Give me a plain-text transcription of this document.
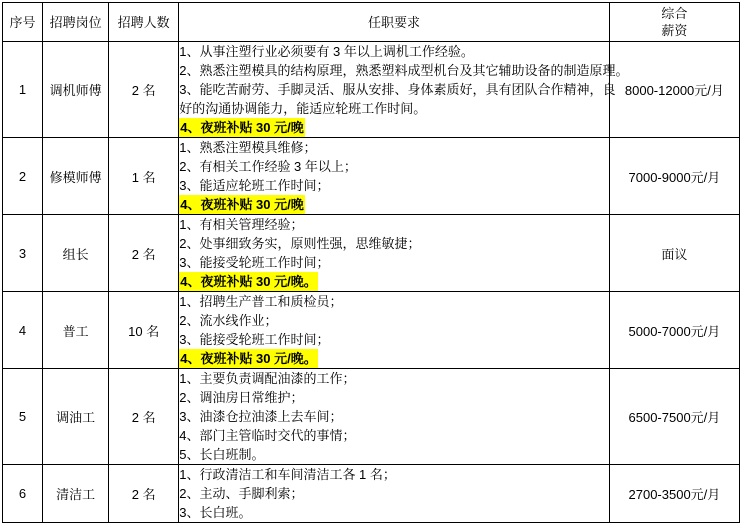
序号	招聘岗位	招聘人数	任职要求	综合
薪资

1	调机师傅	2 名	1、从事注塑行业必须要有 3 年以上调机工作经验。
2、熟悉注塑模具的结构原理，熟悉塑料成型机台及其它辅助设备的制造原理。
3、能吃苦耐劳、手脚灵活、服从安排、身体素质好，具有团队合作精神，良
好的沟通协调能力，能适应轮班工作时间。
4、夜班补贴 30 元/晚	8000-12000元/月
2	修模师傅	1 名	1、熟悉注塑模具维修；
2、有相关工作经验 3 年以上；
3、能适应轮班工作时间；
4、夜班补贴 30 元/晚	7000-9000元/月
3	组长	2 名	1、有相关管理经验；
2、处事细致务实，原则性强，思维敏捷；
3、能接受轮班工作时间；
4、夜班补贴 30 元/晚。	面议
4	普工	10 名	1、招聘生产普工和质检员；
2、流水线作业；
3、能接受轮班工作时间；
4、夜班补贴 30 元/晚。	5000-7000元/月
5	调油工	2 名	1、主要负责调配油漆的工作；
2、调油房日常维护；
3、油漆仓拉油漆上去车间；
4、部门主管临时交代的事情；
5、长白班制。	6500-7500元/月
6	清洁工	2 名	1、行政清洁工和车间清洁工各 1 名；
2、主动、手脚利索；
3、长白班。	2700-3500元/月
